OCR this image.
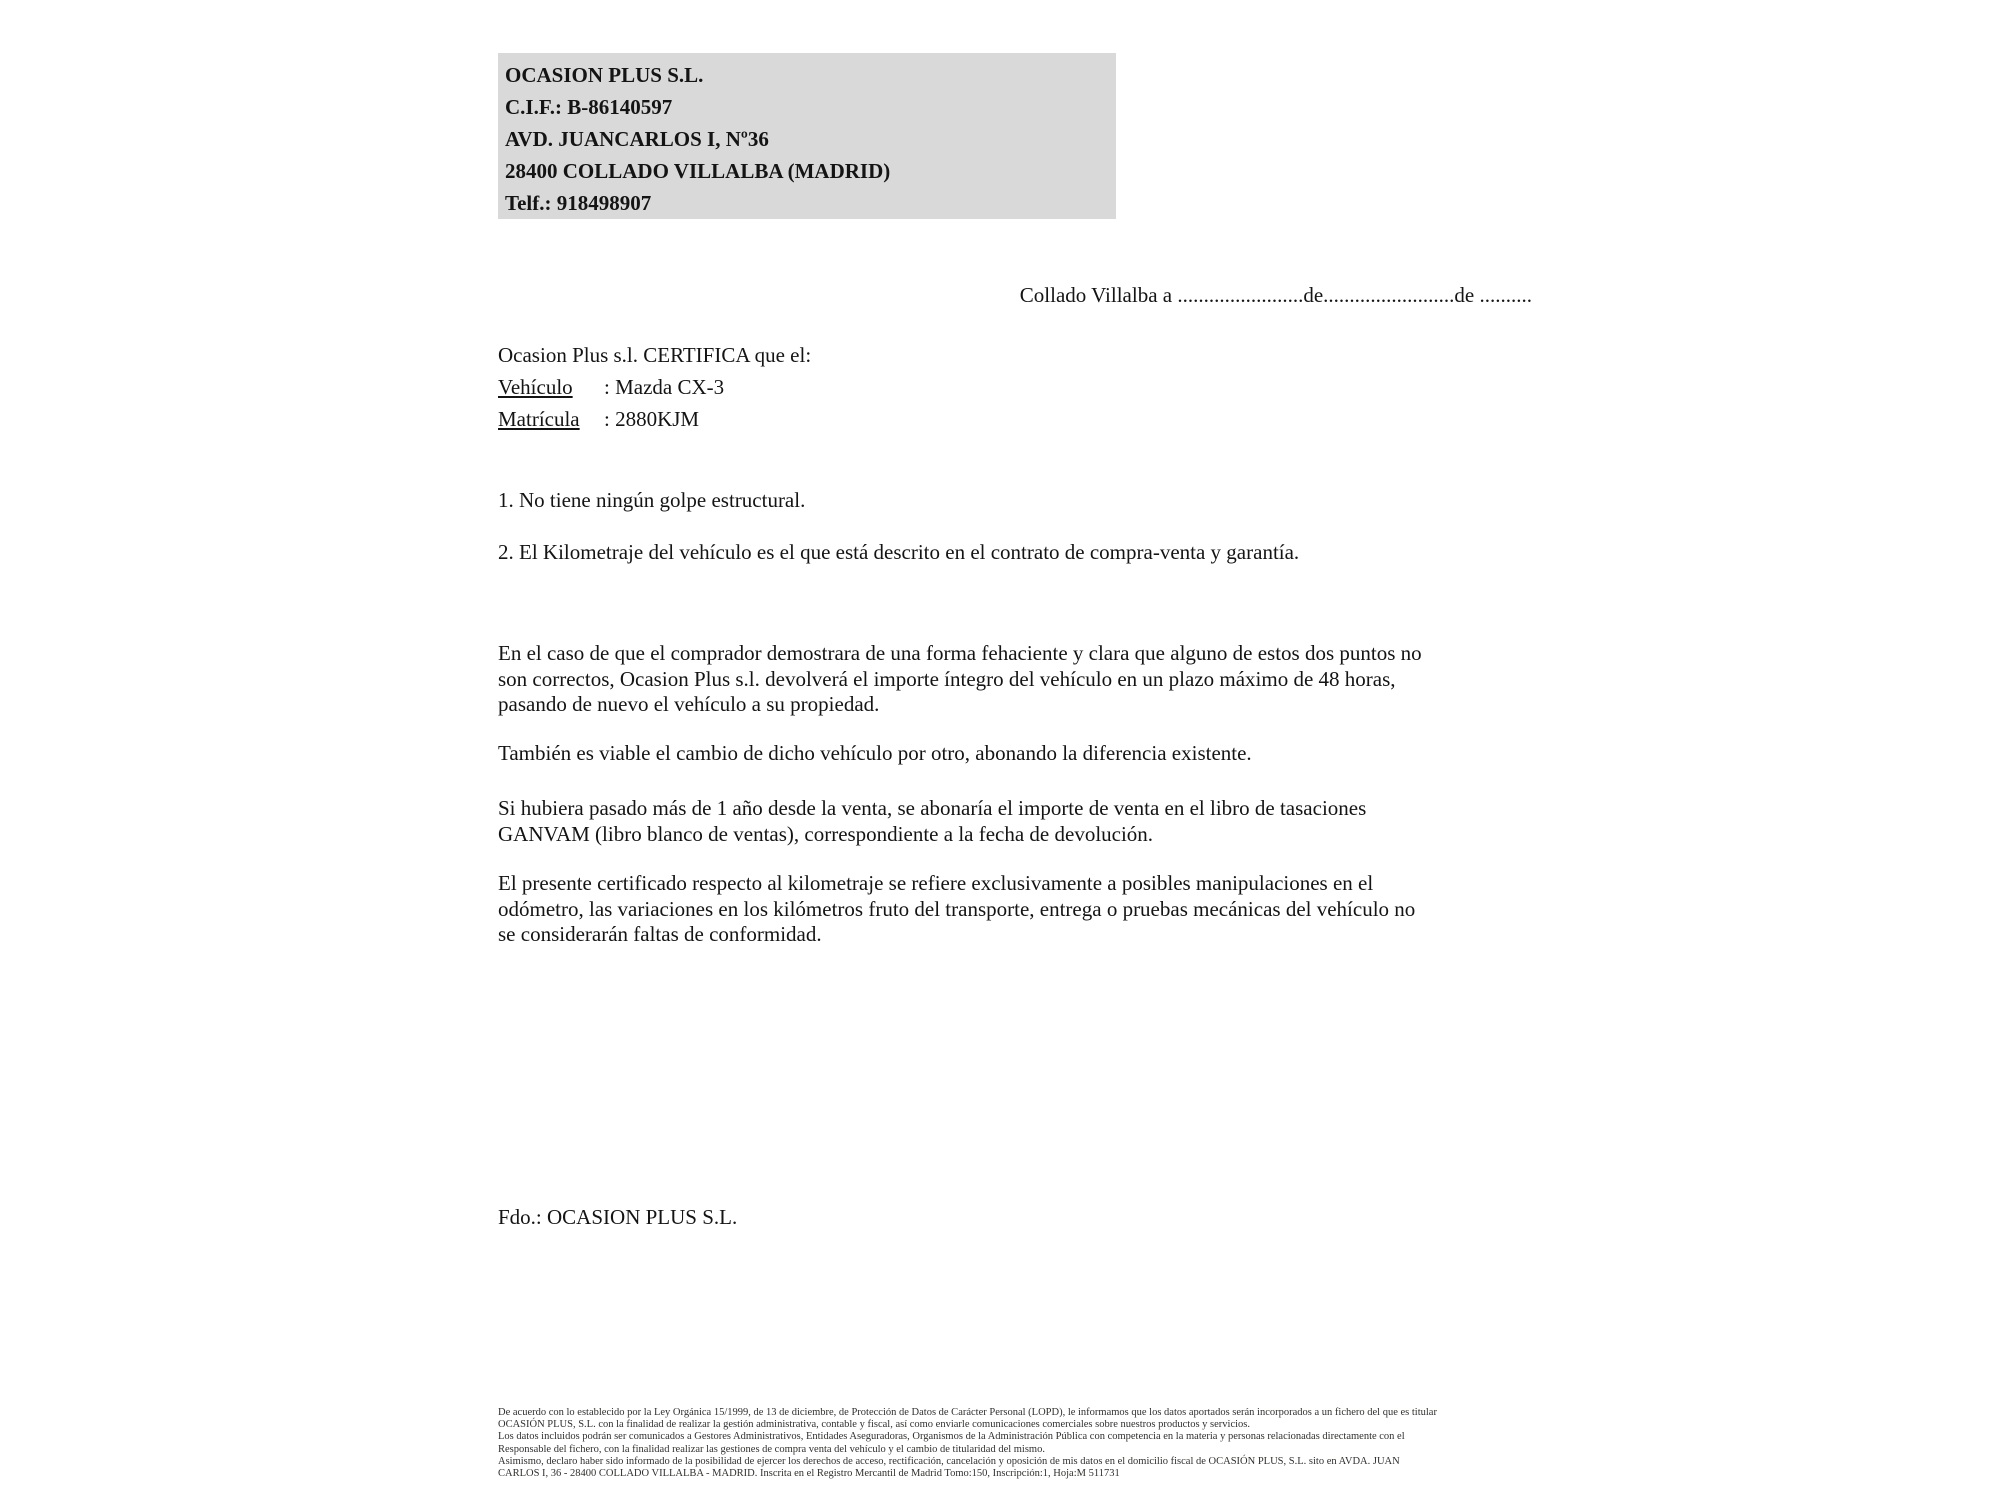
OCASION PLUS S.L.
C.I.F.: B-86140597
AVD. JUANCARLOS I, Nº36
28400 COLLADO VILLALBA (MADRID)
Telf.: 918498907
Collado Villalba a ........................de.........................de ..........
Ocasion Plus s.l. CERTIFICA que el:
Vehículo : Mazda CX-3
Matrícula : 2880KJM
1. No tiene ningún golpe estructural.
2. El Kilometraje del vehículo es el que está descrito en el contrato de compra-venta y garantía.
En el caso de que el comprador demostrara de una forma fehaciente y clara que alguno de estos dos puntos no
son correctos, Ocasion Plus s.l. devolverá el importe íntegro del vehículo en un plazo máximo de 48 horas,
pasando de nuevo el vehículo a su propiedad.
También es viable el cambio de dicho vehículo por otro, abonando la diferencia existente.
Si hubiera pasado más de 1 año desde la venta, se abonaría el importe de venta en el libro de tasaciones
GANVAM (libro blanco de ventas), correspondiente a la fecha de devolución.
El presente certificado respecto al kilometraje se refiere exclusivamente a posibles manipulaciones en el
odómetro, las variaciones en los kilómetros fruto del transporte, entrega o pruebas mecánicas del vehículo no
se considerarán faltas de conformidad.
Fdo.: OCASION PLUS S.L.
De acuerdo con lo establecido por la Ley Orgánica 15/1999, de 13 de diciembre, de Protección de Datos de Carácter Personal (LOPD), le informamos que los datos aportados serán incorporados a un fichero del que es titular
OCASIÓN PLUS, S.L. con la finalidad de realizar la gestión administrativa, contable y fiscal, así como enviarle comunicaciones comerciales sobre nuestros productos y servicios.
Los datos incluidos podrán ser comunicados a Gestores Administrativos, Entidades Aseguradoras, Organismos de la Administración Pública con competencia en la materia y personas relacionadas directamente con el
Responsable del fichero, con la finalidad realizar las gestiones de compra venta del vehículo y el cambio de titularidad del mismo.
Asimismo, declaro haber sido informado de la posibilidad de ejercer los derechos de acceso, rectificación, cancelación y oposición de mis datos en el domicilio fiscal de OCASIÓN PLUS, S.L. sito en AVDA. JUAN
CARLOS I, 36 - 28400 COLLADO VILLALBA - MADRID. Inscrita en el Registro Mercantil de Madrid Tomo:150, Inscripción:1, Hoja:M 511731
